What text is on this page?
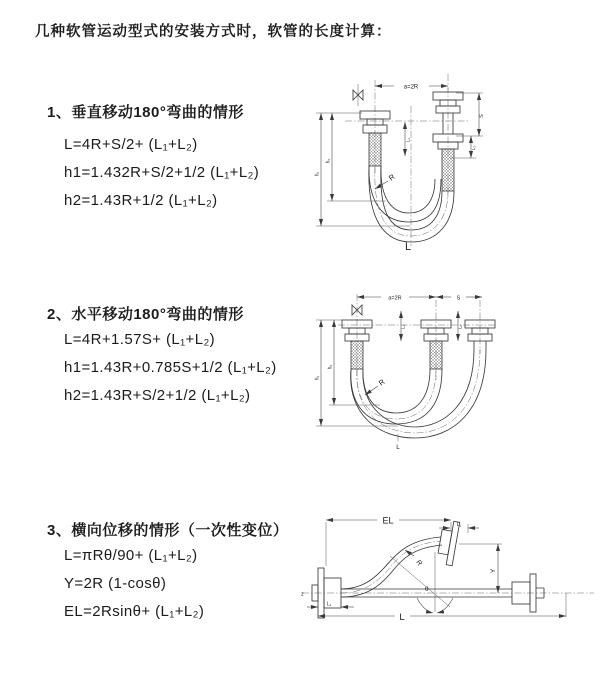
几种软管运动型式的安装方式时，软管的长度计算：
1、垂直移动180°弯曲的情形
L=4R+S/2+ (L₁+L₂)
h1=1.432R+S/2+1/2 (L₁+L₂)
h2=1.43R+1/2 (L₁+L₂)
2、水平移动180°弯曲的情形
L=4R+1.57S+ (L₁+L₂)
h1=1.43R+0.785S+1/2 (L₁+L₂)
h2=1.43R+S/2+1/2 (L₁+L₂)
3、横向位移的情形（一次性变位）
L=πRθ/90+ (L₁+L₂)
Y=2R (1-cosθ)
EL=2Rsinθ+ (L₁+L₂)
a=2R
h₁
h₂
L₁
S
L₂
R
L
a=2R	S
h₁
h₂
L₁	L₂
R
L
z
EL	L₁
Y
θ
R
L
L₁
